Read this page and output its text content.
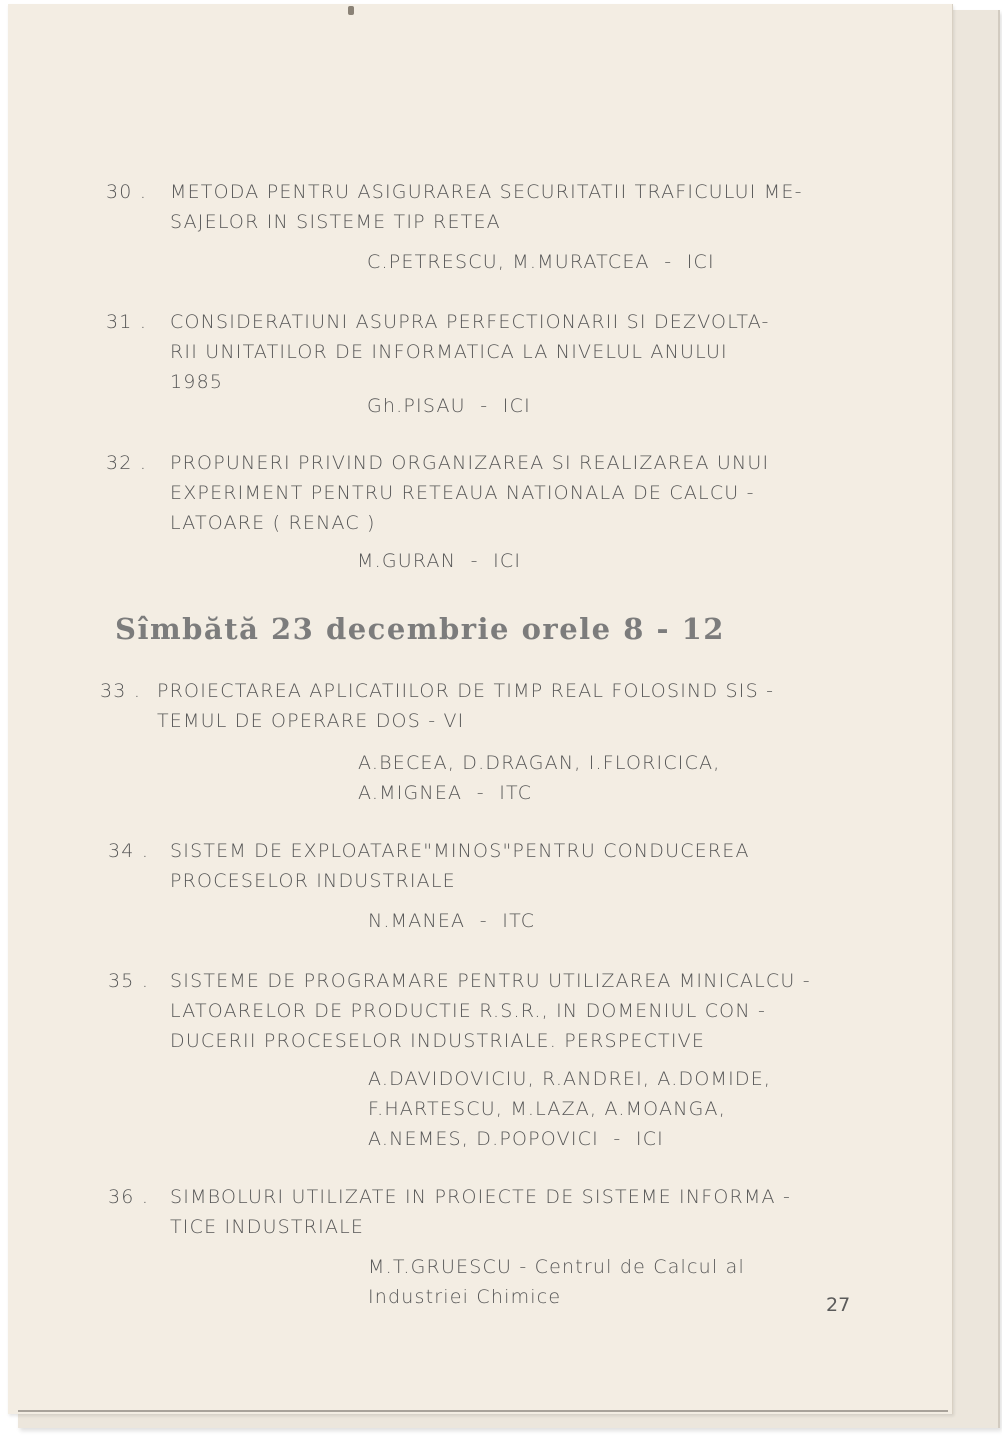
30 . METODA PENTRU ASIGURAREA SECURITATII TRAFICULUI ME-
SAJELOR IN SISTEME TIP RETEA
C.PETRESCU, M.MURATCEA  -  ICI
31 . CONSIDERATIUNI ASUPRA PERFECTIONARII SI DEZVOLTA-
RII UNITATILOR DE INFORMATICA LA NIVELUL ANULUI
1985
Gh.PISAU  -  ICI
32 . PROPUNERI PRIVIND ORGANIZAREA SI REALIZAREA UNUI
EXPERIMENT PENTRU RETEAUA NATIONALA DE CALCU -
LATOARE ( RENAC )
M.GURAN  -  ICI
Sîmbătă 23 decembrie orele 8 - 12
33 . PROIECTAREA APLICATIILOR DE TIMP REAL FOLOSIND SIS -
TEMUL DE OPERARE DOS - VI
A.BECEA, D.DRAGAN, I.FLORICICA,
A.MIGNEA  -  ITC
34 . SISTEM DE EXPLOATARE"MINOS"PENTRU CONDUCEREA
PROCESELOR INDUSTRIALE
N.MANEA  -  ITC
35 . SISTEME DE PROGRAMARE PENTRU UTILIZAREA MINICALCU -
LATOARELOR DE PRODUCTIE R.S.R., IN DOMENIUL CON -
DUCERII PROCESELOR INDUSTRIALE. PERSPECTIVE
A.DAVIDOVICIU, R.ANDREI, A.DOMIDE,
F.HARTESCU, M.LAZA, A.MOANGA,
A.NEMES, D.POPOVICI  -  ICI
36 . SIMBOLURI UTILIZATE IN PROIECTE DE SISTEME INFORMA -
TICE INDUSTRIALE
M.T.GRUESCU - Centrul de Calcul al
Industriei Chimice	27
